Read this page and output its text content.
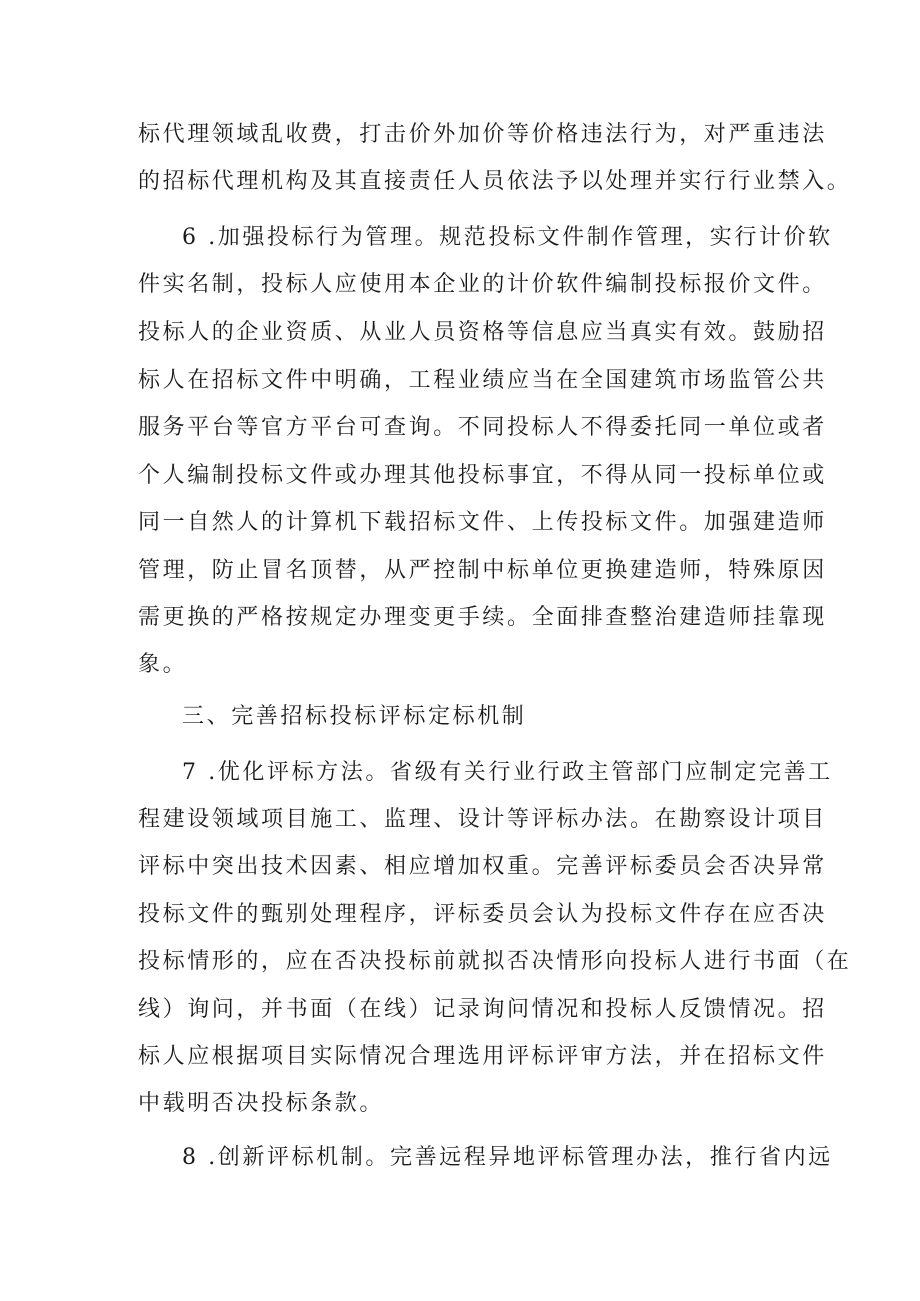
标代理领域乱收费，打击价外加价等价格违法行为，对严重违法
的招标代理机构及其直接责任人员依法予以处理并实行行业禁入。
6 .加强投标行为管理。规范投标文件制作管理，实行计价软
件实名制，投标人应使用本企业的计价软件编制投标报价文件。
投标人的企业资质、从业人员资格等信息应当真实有效。鼓励招
标人在招标文件中明确，工程业绩应当在全国建筑市场监管公共
服务平台等官方平台可查询。不同投标人不得委托同一单位或者
个人编制投标文件或办理其他投标事宜，不得从同一投标单位或
同一自然人的计算机下载招标文件、上传投标文件。加强建造师
管理，防止冒名顶替，从严控制中标单位更换建造师，特殊原因
需更换的严格按规定办理变更手续。全面排查整治建造师挂靠现
象。
三、完善招标投标评标定标机制
7 .优化评标方法。省级有关行业行政主管部门应制定完善工
程建设领域项目施工、监理、设计等评标办法。在勘察设计项目
评标中突出技术因素、相应增加权重。完善评标委员会否决异常
投标文件的甄别处理程序，评标委员会认为投标文件存在应否决
投标情形的，应在否决投标前就拟否决情形向投标人进行书面（在
线）询问，并书面（在线）记录询问情况和投标人反馈情况。招
标人应根据项目实际情况合理选用评标评审方法，并在招标文件
中载明否决投标条款。
8 .创新评标机制。完善远程异地评标管理办法，推行省内远
